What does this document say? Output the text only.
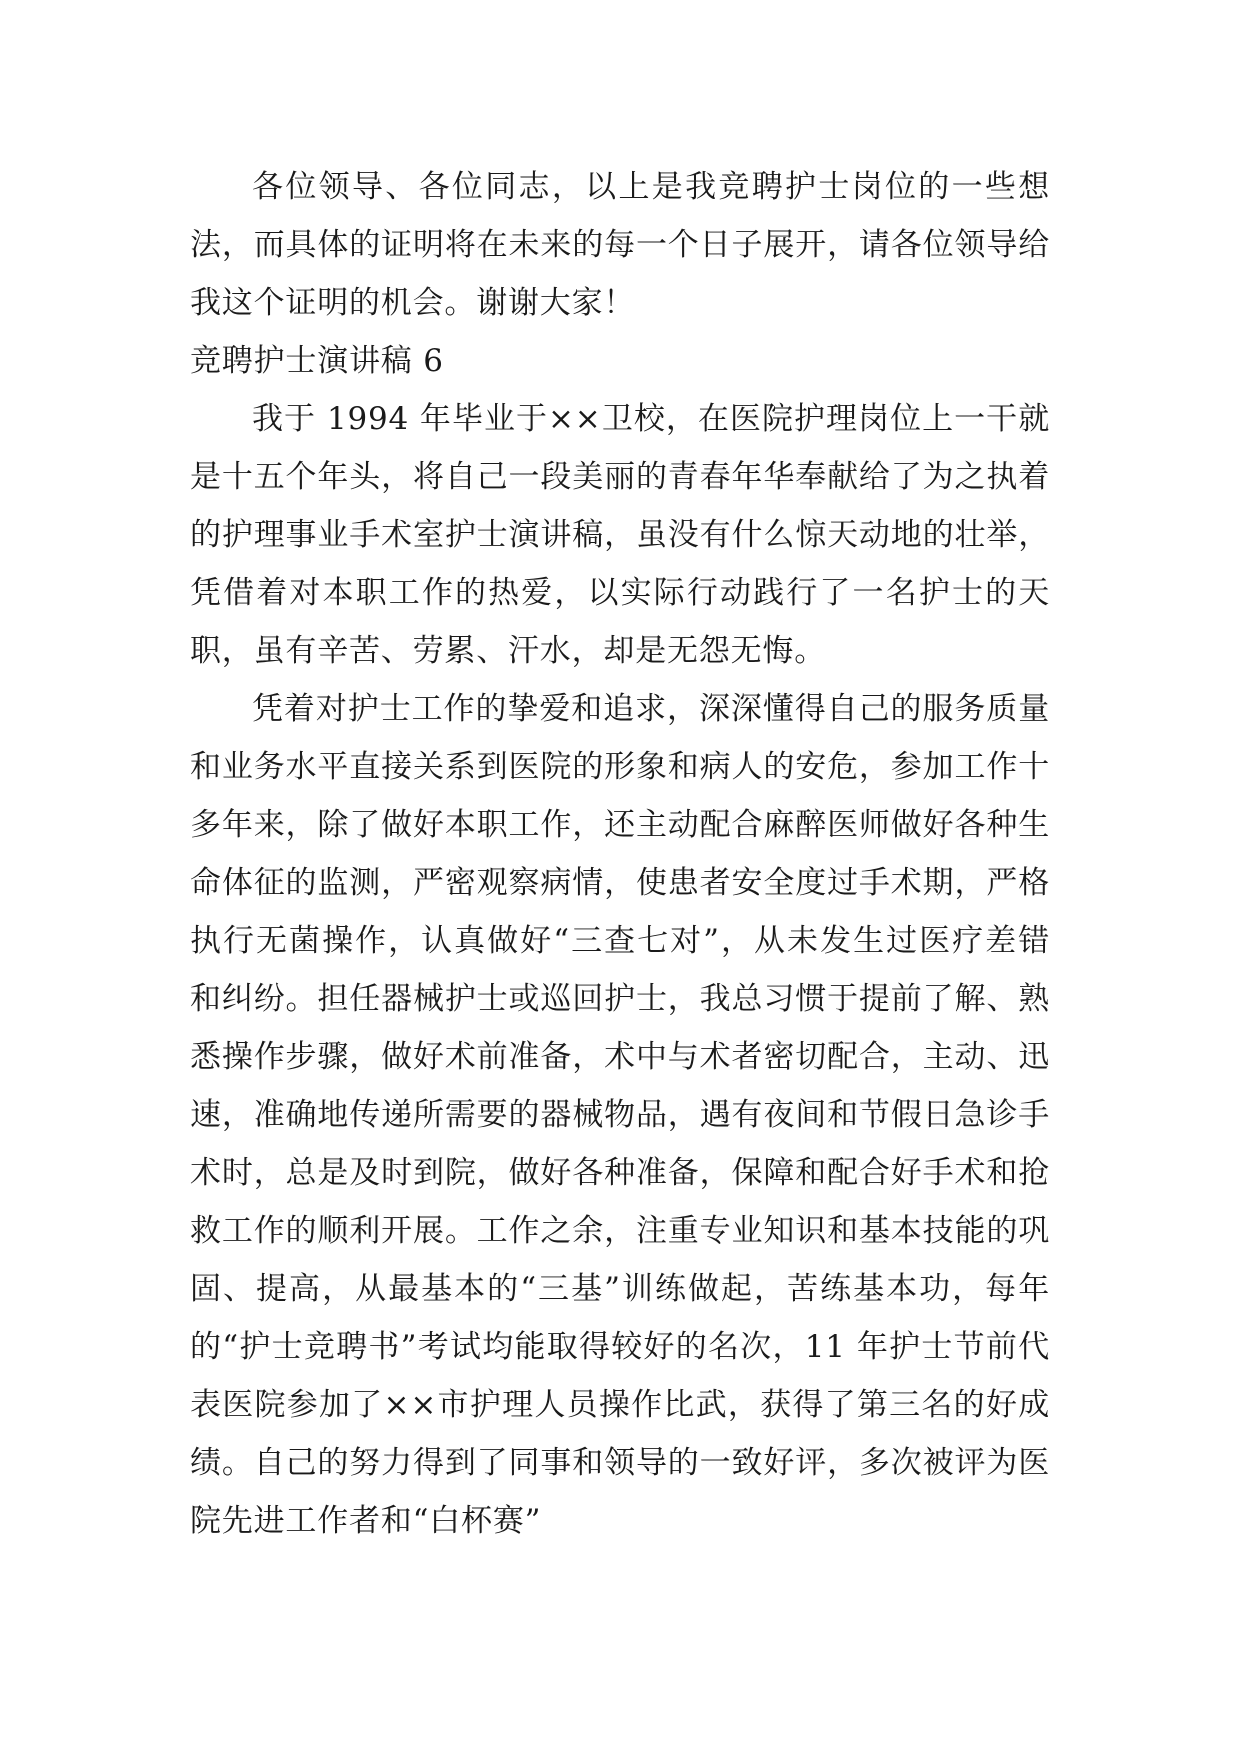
各位领导、各位同志，以上是我竞聘护士岗位的一些想法，而具体的证明将在未来的每一个日子展开，请各位领导给我这个证明的机会。谢谢大家！

竞聘护士演讲稿 6

我于 1994 年毕业于××卫校，在医院护理岗位上一干就是十五个年头，将自己一段美丽的青春年华奉献给了为之执着的护理事业手术室护士演讲稿，虽没有什么惊天动地的壮举，凭借着对本职工作的热爱，以实际行动践行了一名护士的天职，虽有辛苦、劳累、汗水，却是无怨无悔。

凭着对护士工作的挚爱和追求，深深懂得自己的服务质量和业务水平直接关系到医院的形象和病人的安危，参加工作十多年来，除了做好本职工作，还主动配合麻醉医师做好各种生命体征的监测，严密观察病情，使患者安全度过手术期，严格执行无菌操作，认真做好“三查七对”，从未发生过医疗差错和纠纷。担任器械护士或巡回护士，我总习惯于提前了解、熟悉操作步骤，做好术前准备，术中与术者密切配合，主动、迅速，准确地传递所需要的器械物品，遇有夜间和节假日急诊手术时，总是及时到院，做好各种准备，保障和配合好手术和抢救工作的顺利开展。工作之余，注重专业知识和基本技能的巩固、提高，从最基本的“三基”训练做起，苦练基本功，每年的“护士竞聘书”考试均能取得较好的名次，11 年护士节前代表医院参加了××市护理人员操作比武，获得了第三名的好成绩。自己的努力得到了同事和领导的一致好评，多次被评为医院先进工作者和“白杯赛”
